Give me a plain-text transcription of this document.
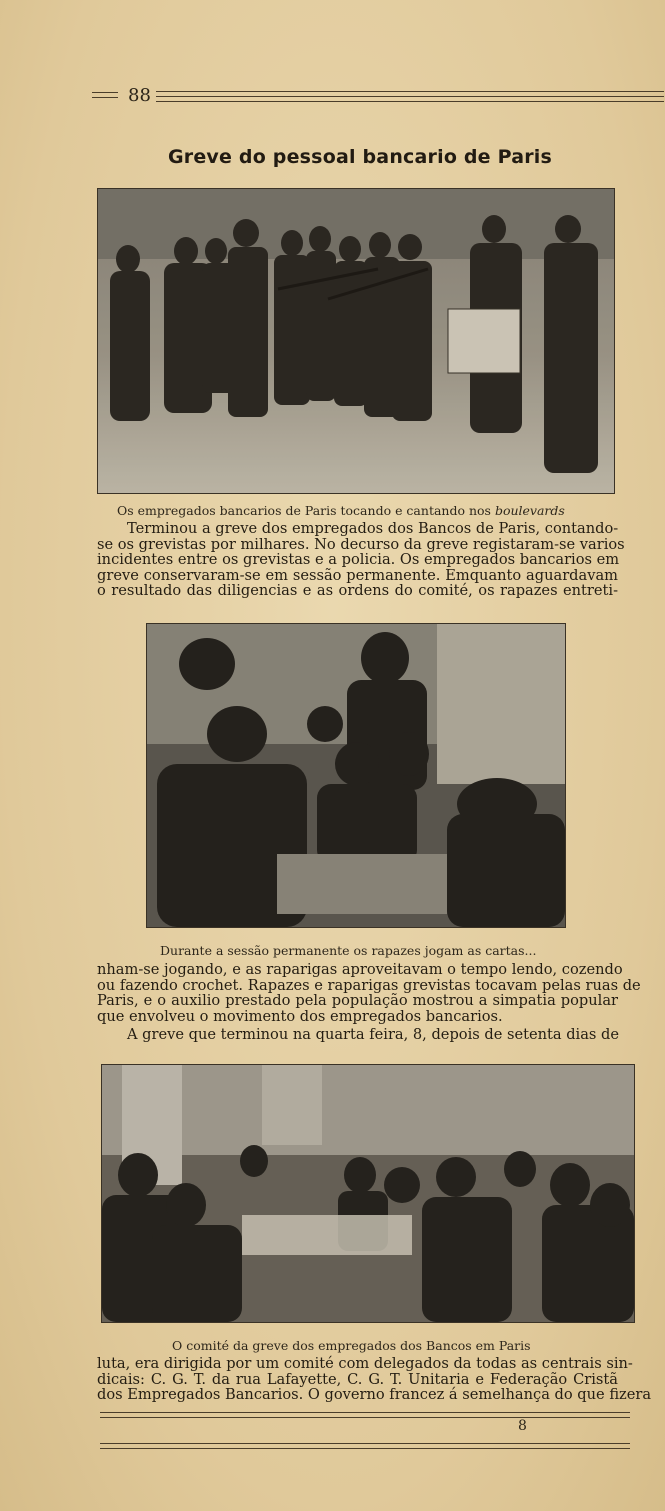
88
Greve do pessoal bancario de Paris
Os empregados bancarios de Paris tocando e cantando nos boulevards
Terminou a greve dos empregados dos Bancos de Paris, contando-
se os grevistas por milhares. No decurso da greve registaram-se varios
incidentes entre os grevistas e a policia. Os empregados bancarios em
greve conservaram-se em sessão permanente. Emquanto aguardavam
o resultado das diligencias e as ordens do comité, os rapazes entreti-
Durante a sessão permanente os rapazes jogam as cartas...
nham-se jogando, e as raparigas aproveitavam o tempo lendo, cozendo
ou fazendo crochet. Rapazes e raparigas grevistas tocavam pelas ruas de
Paris, e o auxilio prestado pela população mostrou a simpatia popular
que envolveu o movimento dos empregados bancarios.
A greve que terminou na quarta feira, 8, depois de setenta dias de
O comité da greve dos empregados dos Bancos em Paris
luta, era dirigida por um comité com delegados da todas as centrais sin-
dicais: C. G. T. da rua Lafayette, C. G. T. Unitaria e Federação Cristã
dos Empregados Bancarios. O governo francez á semelhança do que fizera
8
